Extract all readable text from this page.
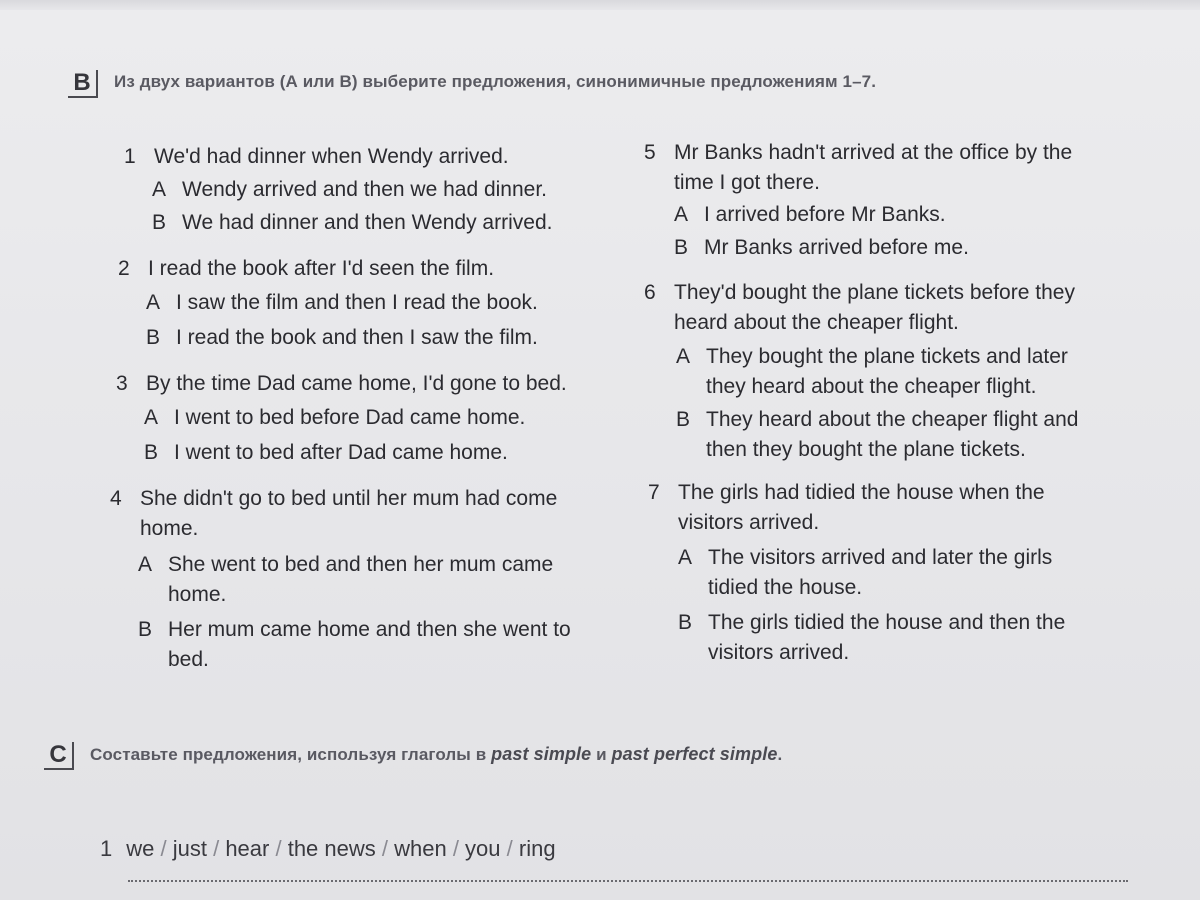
B	Из двух вариантов (А или В) выберите предложения, синонимичные предложениям 1–7.
1 We'd had dinner when Wendy arrived.
A Wendy arrived and then we had dinner.
B We had dinner and then Wendy arrived.
2 I read the book after I'd seen the film.
A I saw the film and then I read the book.
B I read the book and then I saw the film.
3 By the time Dad came home, I'd gone to bed.
A I went to bed before Dad came home.
B I went to bed after Dad came home.
4 She didn't go to bed until her mum had come
home.
A She went to bed and then her mum came
home.
B Her mum came home and then she went to
bed.
5 Mr Banks hadn't arrived at the office by the
time I got there.
A I arrived before Mr Banks.
B Mr Banks arrived before me.
6 They'd bought the plane tickets before they
heard about the cheaper flight.
A They bought the plane tickets and later
they heard about the cheaper flight.
B They heard about the cheaper flight and
then they bought the plane tickets.
7 The girls had tidied the house when the
visitors arrived.
A The visitors arrived and later the girls
tidied the house.
B The girls tidied the house and then the
visitors arrived.
C	Составьте предложения, используя глаголы в past simple и past perfect simple.
1 we / just / hear / the news / when / you / ring
